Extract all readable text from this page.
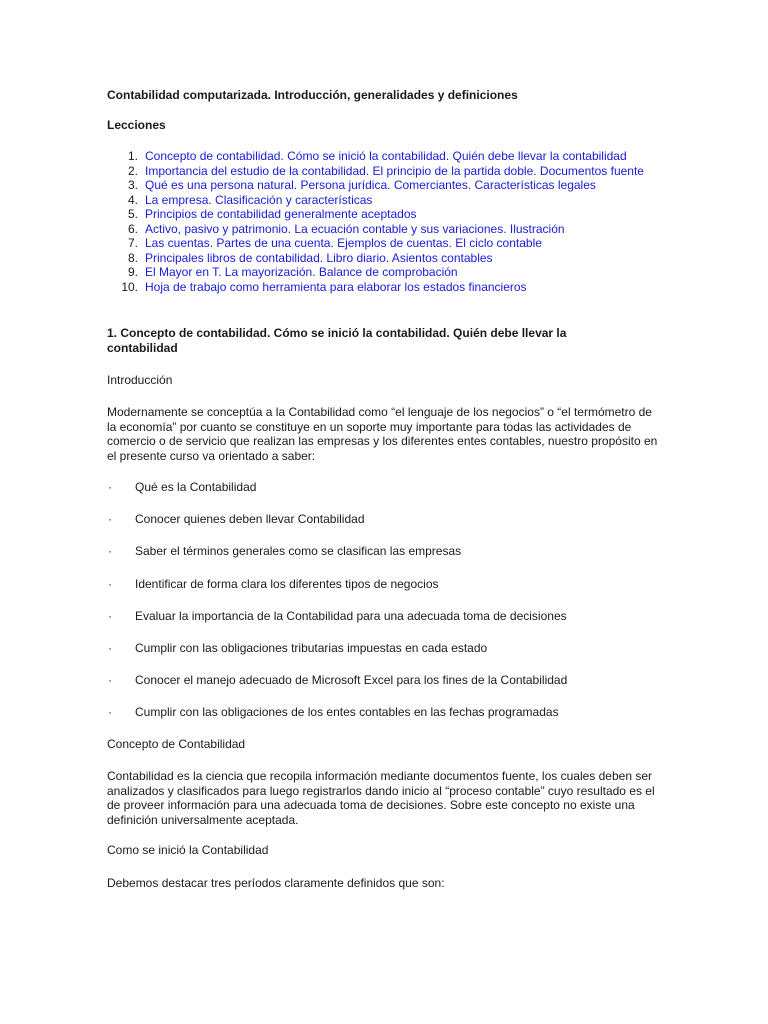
Contabilidad computarizada. Introducción, generalidades y definiciones
Lecciones
1. Concepto de contabilidad. Cómo se inició la contabilidad. Quién debe llevar la contabilidad
2. Importancia del estudio de la contabilidad. El principio de la partida doble. Documentos fuente
3. Qué es una persona natural. Persona jurídica. Comerciantes. Características legales
4. La empresa. Clasificación y características
5. Principios de contabilidad generalmente aceptados
6. Activo, pasivo y patrimonio. La ecuación contable y sus variaciones. Ilustración
7. Las cuentas. Partes de una cuenta. Ejemplos de cuentas. El ciclo contable
8. Principales libros de contabilidad. Libro diario. Asientos contables
9. El Mayor en T. La mayorización. Balance de comprobación
10. Hoja de trabajo como herramienta para elaborar los estados financieros
1. Concepto de contabilidad. Cómo se inició la contabilidad. Quién debe llevar la contabilidad

Introducción

Modernamente se conceptúa a la Contabilidad como “el lenguaje de los negocios” o “el termómetro de la economía” por cuanto se constituye en un soporte muy importante para todas las actividades de comercio o de servicio que realizan las empresas y los diferentes entes contables, nuestro propósito en el presente curso va orientado a saber:

·	Qué es la Contabilidad
·	Conocer quienes deben llevar Contabilidad
·	Saber el términos generales como se clasifican las empresas
·	Identificar de forma clara los diferentes tipos de negocios
·	Evaluar la importancia de la Contabilidad para una adecuada toma de decisiones
·	Cumplir con las obligaciones tributarias impuestas en cada estado
·	Conocer el manejo adecuado de Microsoft Excel para los fines de la Contabilidad
·	Cumplir con las obligaciones de los entes contables en las fechas programadas

Concepto de Contabilidad

Contabilidad es la ciencia que recopila información mediante documentos fuente, los cuales deben ser analizados y clasificados para luego registrarlos dando inicio al “proceso contable” cuyo resultado es el de proveer información para una adecuada toma de decisiones. Sobre este concepto no existe una definición universalmente aceptada.

Como se inició la Contabilidad

Debemos destacar tres períodos claramente definidos que son:
